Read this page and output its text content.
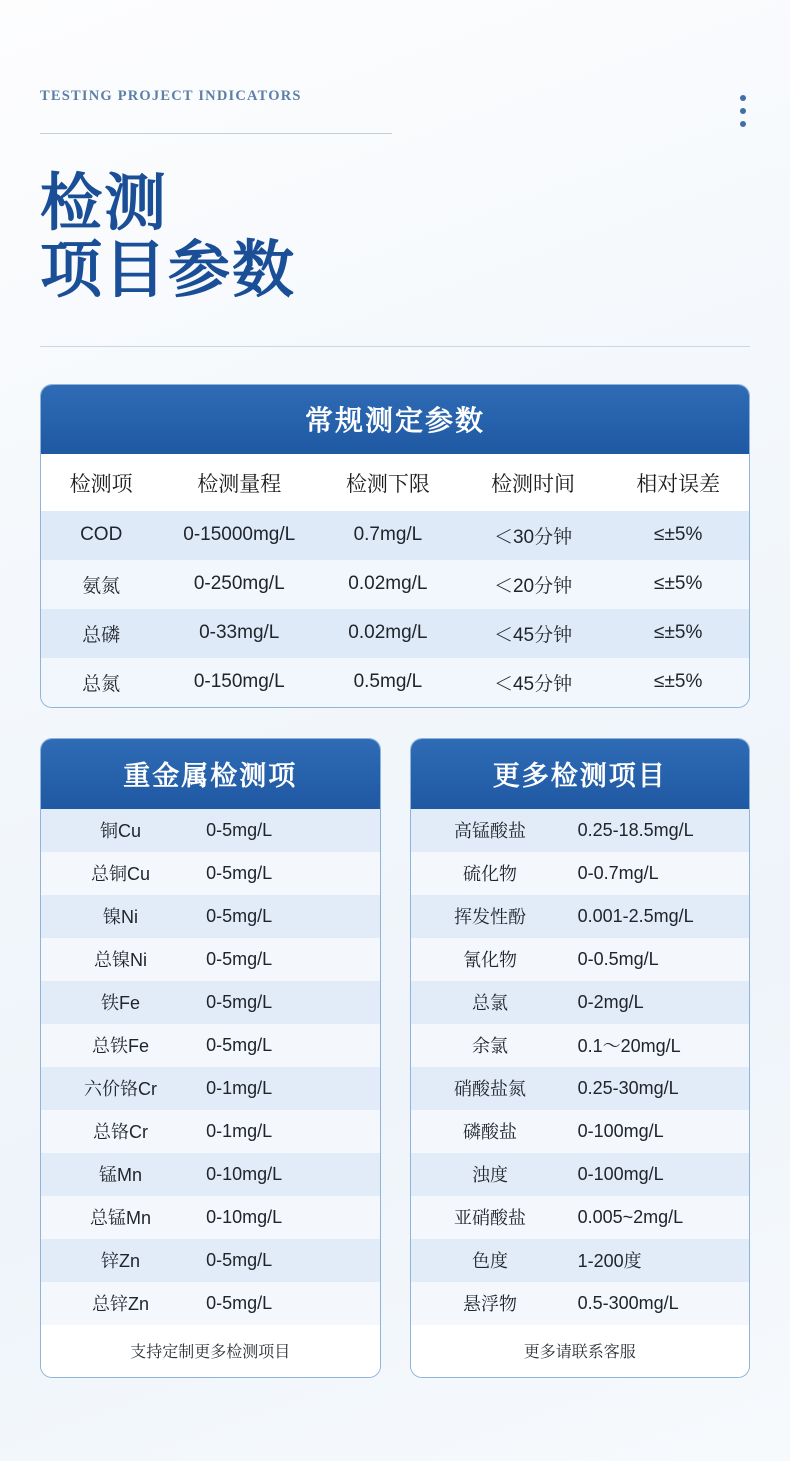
TESTING PROJECT INDICATORS
检测
项目参数
常规测定参数
检测项	检测量程	检测下限	检测时间	相对误差
COD	0-15000mg/L	0.7mg/L	＜30分钟	≤±5%
氨氮	0-250mg/L	0.02mg/L	＜20分钟	≤±5%
总磷	0-33mg/L	0.02mg/L	＜45分钟	≤±5%
总氮	0-150mg/L	0.5mg/L	＜45分钟	≤±5%
重金属检测项
铜Cu	0-5mg/L
总铜Cu	0-5mg/L
镍Ni	0-5mg/L
总镍Ni	0-5mg/L
铁Fe	0-5mg/L
总铁Fe	0-5mg/L
六价铬Cr	0-1mg/L
总铬Cr	0-1mg/L
锰Mn	0-10mg/L
总锰Mn	0-10mg/L
锌Zn	0-5mg/L
总锌Zn	0-5mg/L
支持定制更多检测项目
更多检测项目
高锰酸盐	0.25-18.5mg/L
硫化物	0-0.7mg/L
挥发性酚	0.001-2.5mg/L
氰化物	0-0.5mg/L
总氯	0-2mg/L
余氯	0.1～20mg/L
硝酸盐氮	0.25-30mg/L
磷酸盐	0-100mg/L
浊度	0-100mg/L
亚硝酸盐	0.005~2mg/L
色度	1-200度
悬浮物	0.5-300mg/L
更多请联系客服
